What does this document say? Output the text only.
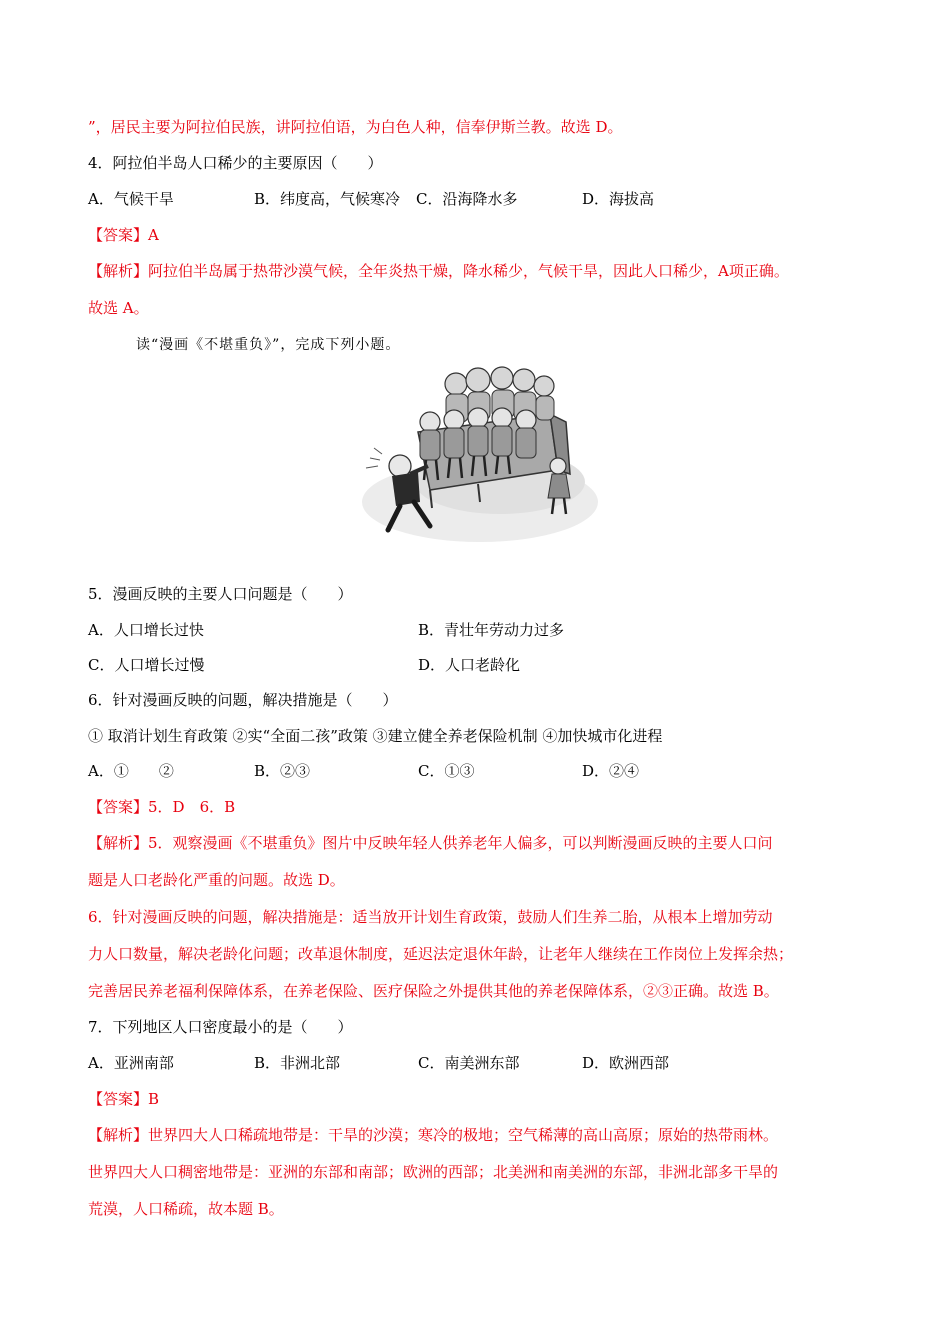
”，居民主要为阿拉伯民族，讲阿拉伯语，为白色人种，信奉伊斯兰教。故选 D。
4．阿拉伯半岛人口稀少的主要原因（　　）
A．气候干旱	B．纬度高，气候寒冷 C．沿海降水多	D．海拔高
【答案】A
【解析】阿拉伯半岛属于热带沙漠气候，全年炎热干燥，降水稀少，气候干旱，因此人口稀少，A项正确。
故选 A。
读“漫画《不堪重负》”，完成下列小题。
5．漫画反映的主要人口问题是（　　）
A．人口增长过快	B．青壮年劳动力过多
C．人口增长过慢	D．人口老龄化
6．针对漫画反映的问题，解决措施是（　　）
① 取消计划生育政策 ②实“全面二孩”政策 ③建立健全养老保险机制 ④加快城市化进程
A．①　　②	B．②③	C．①③	D．②④
【答案】5．D　6．B
【解析】5．观察漫画《不堪重负》图片中反映年轻人供养老年人偏多，可以判断漫画反映的主要人口问
题是人口老龄化严重的问题。故选 D。
6．针对漫画反映的问题，解决措施是：适当放开计划生育政策，鼓励人们生养二胎，从根本上增加劳动
力人口数量，解决老龄化问题；改革退休制度，延迟法定退休年龄，让老年人继续在工作岗位上发挥余热；
完善居民养老福利保障体系，在养老保险、医疗保险之外提供其他的养老保障体系，②③正确。故选 B。
7．下列地区人口密度最小的是（　　）
A．亚洲南部	B．非洲北部	C．南美洲东部	D．欧洲西部
【答案】B
【解析】世界四大人口稀疏地带是：干旱的沙漠；寒冷的极地；空气稀薄的高山高原；原始的热带雨林。
世界四大人口稠密地带是：亚洲的东部和南部；欧洲的西部；北美洲和南美洲的东部，非洲北部多干旱的
荒漠，人口稀疏，故本题 B。
